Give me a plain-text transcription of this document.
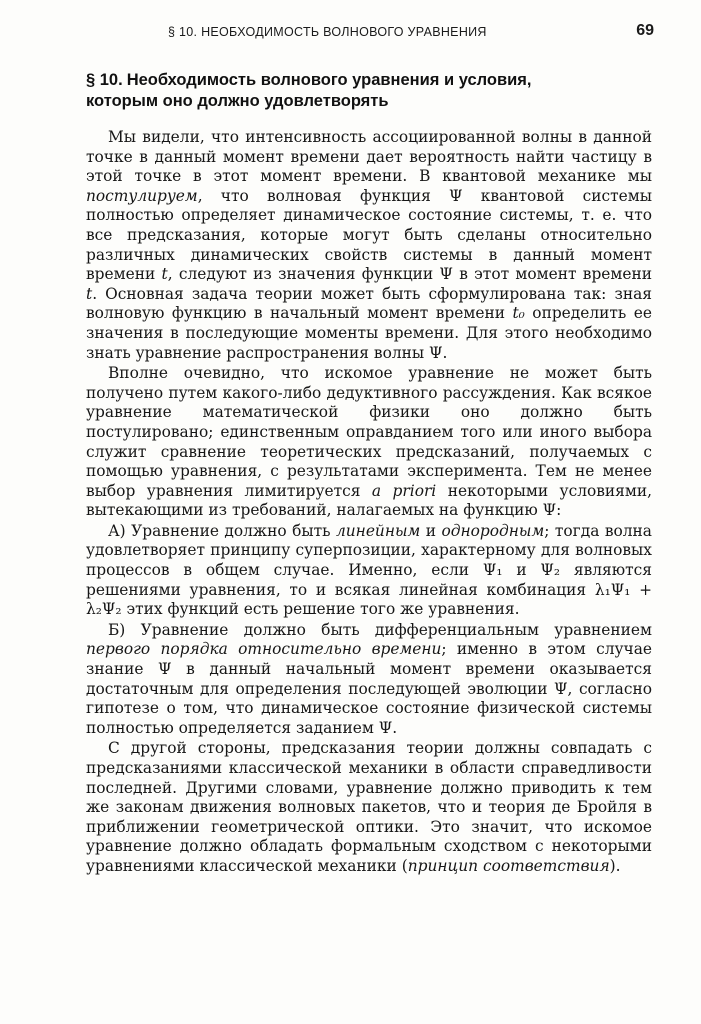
§ 10. НЕОБХОДИМОСТЬ ВОЛНОВОГО УРАВНЕНИЯ	69
§ 10. Необходимость волнового уравнения и условия,
которым оно должно удовлетворять

Мы видели, что интенсивность ассоциированной волны в данной точке в данный момент времени дает вероятность найти частицу в этой точке в этот момент времени. В квантовой механике мы постулируем, что волновая функция Ψ квантовой системы полностью определяет динамическое состояние системы, т. е. что все предсказания, которые могут быть сделаны относительно различных динамических свойств системы в данный момент времени t, следуют из значения функции Ψ в этот момент времени t. Основная задача теории может быть сформулирована так: зная волновую функцию в начальный момент времени t₀ определить ее значения в последующие моменты времени. Для этого необходимо знать уравнение распространения волны Ψ.

Вполне очевидно, что искомое уравнение не может быть получено путем какого-либо дедуктивного рассуждения. Как всякое уравнение математической физики оно должно быть постулировано; единственным оправданием того или иного выбора служит сравнение теоретических предсказаний, получаемых с помощью уравнения, с результатами эксперимента. Тем не менее выбор уравнения лимитируется a priori некоторыми условиями, вытекающими из требований, налагаемых на функцию Ψ:

А) Уравнение должно быть линейным и однородным; тогда волна удовлетворяет принципу суперпозиции, характерному для волновых процессов в общем случае. Именно, если Ψ₁ и Ψ₂ являются решениями уравнения, то и всякая линейная комбинация λ₁Ψ₁ + λ₂Ψ₂ этих функций есть решение того же уравнения.

Б) Уравнение должно быть дифференциальным уравнением первого порядка относительно времени; именно в этом случае знание Ψ в данный начальный момент времени оказывается достаточным для определения последующей эволюции Ψ, согласно гипотезе о том, что динамическое состояние физической системы полностью определяется заданием Ψ.

С другой стороны, предсказания теории должны совпадать с предсказаниями классической механики в области справедливости последней. Другими словами, уравнение должно приводить к тем же законам движения волновых пакетов, что и теория де Бройля в приближении геометрической оптики. Это значит, что искомое уравнение должно обладать формальным сходством с некоторыми уравнениями классической механики (принцип соответствия).
